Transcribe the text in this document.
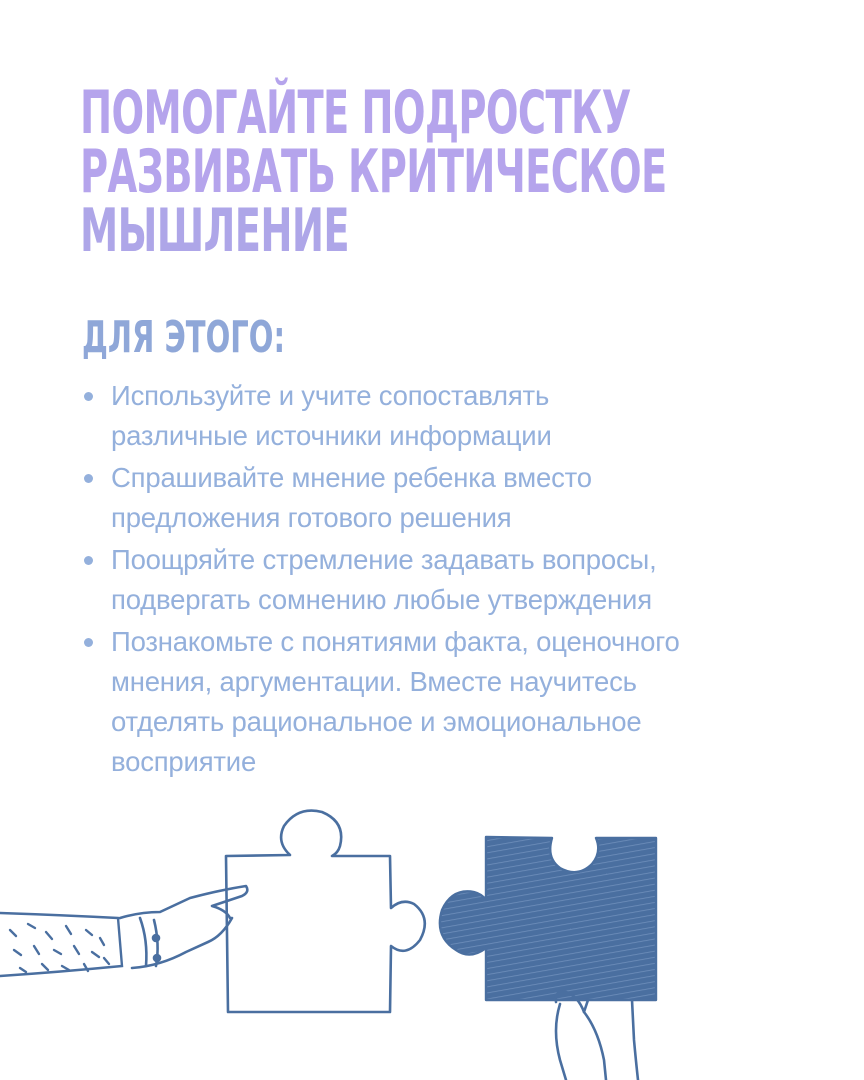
ПОМОГАЙТЕ ПОДРОСТКУ
РАЗВИВАТЬ КРИТИЧЕСКОЕ
МЫШЛЕНИЕ
ДЛЯ ЭТОГО:
Используйте и учите сопоставлять
различные источники информации
Спрашивайте мнение ребенка вместо
предложения готового решения
Поощряйте стремление задавать вопросы,
подвергать сомнению любые утверждения
Познакомьте с понятиями факта, оценочного
мнения, аргументации. Вместе научитесь
отделять рациональное и эмоциональное
восприятие
